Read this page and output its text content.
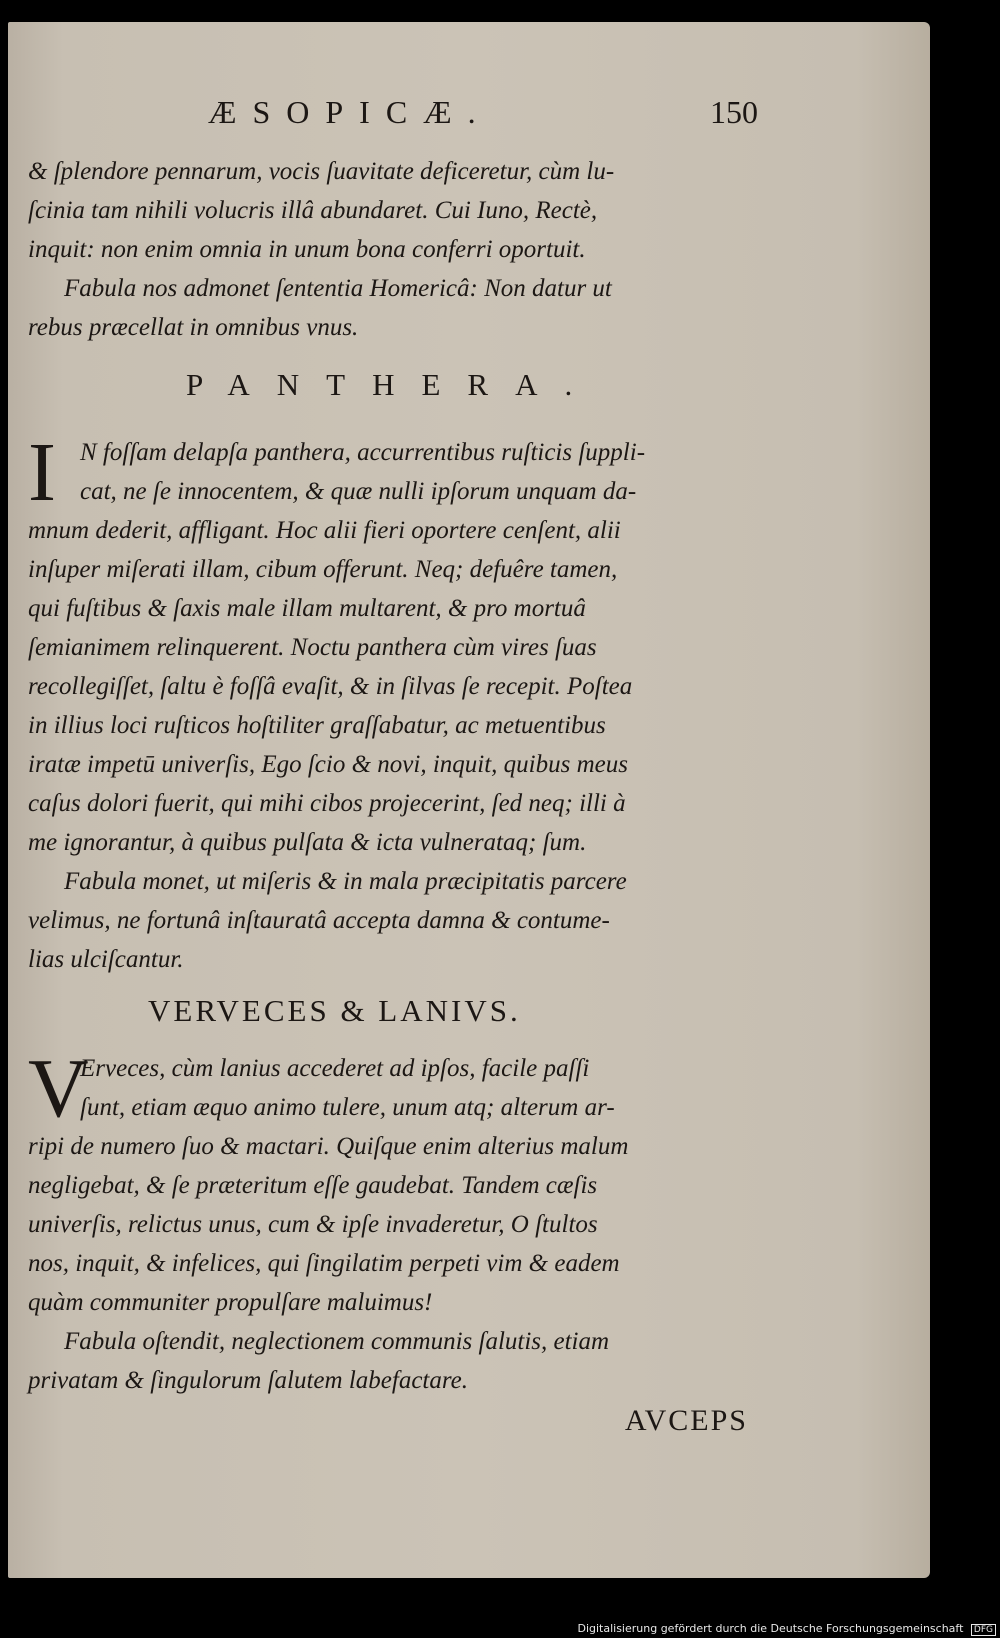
ÆSOPICÆ.	150
& ſplendore pennarum, vocis ſuavitate deficeretur, cùm lu-
ſcinia tam nihili volucris illâ abundaret. Cui Iuno, Rectè,
inquit: non enim omnia in unum bona conferri oportuit.
Fabula nos admonet ſententia Homericâ: Non datur ut
rebus præcellat in omnibus vnus.
PANTHERA.
I N foſſam delapſa panthera, accurrentibus ruſticis ſuppli-
cat, ne ſe innocentem, & quæ nulli ipſorum unquam da-
mnum dederit, affligant. Hoc alii fieri oportere cenſent, alii
inſuper miſerati illam, cibum offerunt. Neq; defuêre tamen,
qui fuſtibus & ſaxis male illam multarent, & pro mortuâ
ſemianimem relinquerent. Noctu panthera cùm vires ſuas
recollegiſſet, ſaltu è foſſâ evaſit, & in ſilvas ſe recepit. Poſtea
in illius loci ruſticos hoſtiliter graſſabatur, ac metuentibus
iratæ impetū univerſis, Ego ſcio & novi, inquit, quibus meus
caſus dolori fuerit, qui mihi cibos projecerint, ſed neq; illi à
me ignorantur, à quibus pulſata & icta vulnerataq; ſum.
Fabula monet, ut miſeris & in mala præcipitatis parcere
velimus, ne fortunâ inſtauratâ accepta damna & contume-
lias ulciſcantur.
VERVECES & LANIVS.
V
Erveces, cùm lanius accederet ad ipſos, facile paſſi
ſunt, etiam æquo animo tulere, unum atq; alterum ar-
ripi de numero ſuo & mactari. Quiſque enim alterius malum
negligebat, & ſe præteritum eſſe gaudebat. Tandem cæſis
univerſis, relictus unus, cum & ipſe invaderetur, O ſtultos
nos, inquit, & infelices, qui ſingilatim perpeti vim & eadem
quàm communiter propulſare maluimus!
Fabula oſtendit, neglectionem communis ſalutis, etiam
privatam & ſingulorum ſalutem labefactare.
AVCEPS
Digitalisierung gefördert durch die Deutsche Forschungsgemeinschaft DFG
